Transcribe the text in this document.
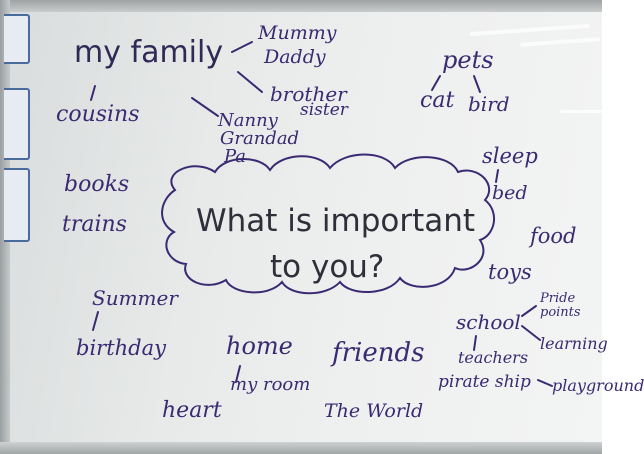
What is important
to you?
my family
Mummy
Daddy
brother
sister
Nanny
Grandad
Pa
cousins
pets
cat bird
books
trains
sleep
bed
food
toys
Summer
birthday	home
my room
heart
friends
The World
school
Pride points
learning
teachers
pirate ship playground
